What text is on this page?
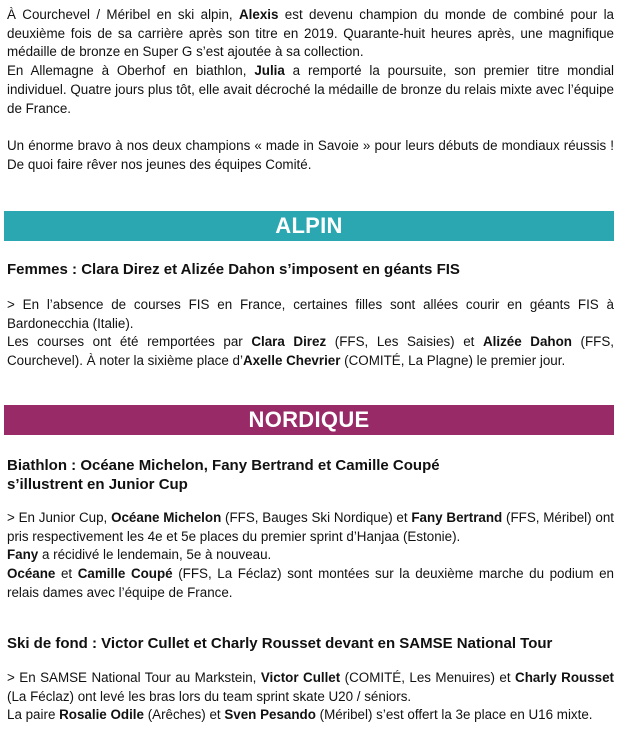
À Courchevel / Méribel en ski alpin, Alexis est devenu champion du monde de combiné pour la deuxième fois de sa carrière après son titre en 2019. Quarante-huit heures après, une magnifique médaille de bronze en Super G s’est ajoutée à sa collection.
En Allemagne à Oberhof en biathlon, Julia a remporté la poursuite, son premier titre mondial individuel. Quatre jours plus tôt, elle avait décroché la médaille de bronze du relais mixte avec l’équipe de France.

Un énorme bravo à nos deux champions « made in Savoie » pour leurs débuts de mondiaux réussis ! De quoi faire rêver nos jeunes des équipes Comité.

ALPIN
Femmes : Clara Direz et Alizée Dahon s’imposent en géants FIS

> En l’absence de courses FIS en France, certaines filles sont allées courir en géants FIS à Bardonecchia (Italie).
Les courses ont été remportées par Clara Direz (FFS, Les Saisies) et Alizée Dahon (FFS, Courchevel). À noter la sixième place d’Axelle Chevrier (COMITÉ, La Plagne) le premier jour.

NORDIQUE
Biathlon : Océane Michelon, Fany Bertrand et Camille Coupé
s’illustrent en Junior Cup

> En Junior Cup, Océane Michelon (FFS, Bauges Ski Nordique) et Fany Bertrand (FFS, Méribel) ont pris respectivement les 4e et 5e places du premier sprint d’Hanjaa (Estonie).
Fany a récidivé le lendemain, 5e à nouveau.
Océane et Camille Coupé (FFS, La Féclaz) sont montées sur la deuxième marche du podium en relais dames avec l’équipe de France.

Ski de fond : Victor Cullet et Charly Rousset devant en SAMSE National Tour

> En SAMSE National Tour au Markstein, Victor Cullet (COMITÉ, Les Menuires) et Charly Rousset (La Féclaz) ont levé les bras lors du team sprint skate U20 / séniors.
La paire Rosalie Odile (Arêches) et Sven Pesando (Méribel) s’est offert la 3e place en U16 mixte.
